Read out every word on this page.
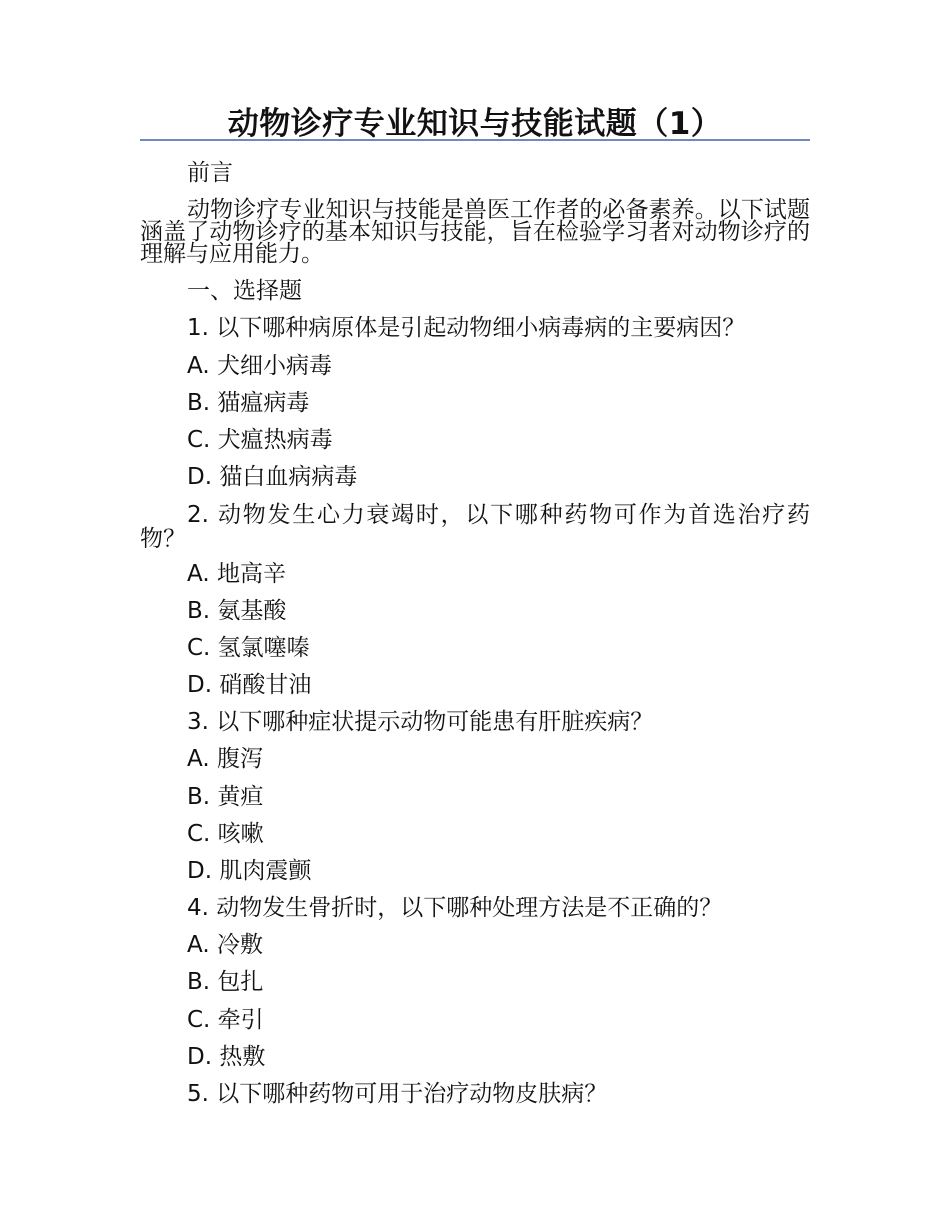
动物诊疗专业知识与技能试题（1）

前言

动物诊疗专业知识与技能是兽医工作者的必备素养。以下试题涵盖了动物诊疗的基本知识与技能，旨在检验学习者对动物诊疗的理解与应用能力。

一、选择题

1. 以下哪种病原体是引起动物细小病毒病的主要病因？

A. 犬细小病毒

B. 猫瘟病毒

C. 犬瘟热病毒

D. 猫白血病病毒

2. 动物发生心力衰竭时，以下哪种药物可作为首选治疗药物？

A. 地高辛

B. 氨基酸

C. 氢氯噻嗪

D. 硝酸甘油

3. 以下哪种症状提示动物可能患有肝脏疾病？

A. 腹泻

B. 黄疸

C. 咳嗽

D. 肌肉震颤

4. 动物发生骨折时，以下哪种处理方法是不正确的？

A. 冷敷

B. 包扎

C. 牵引

D. 热敷

5. 以下哪种药物可用于治疗动物皮肤病？
